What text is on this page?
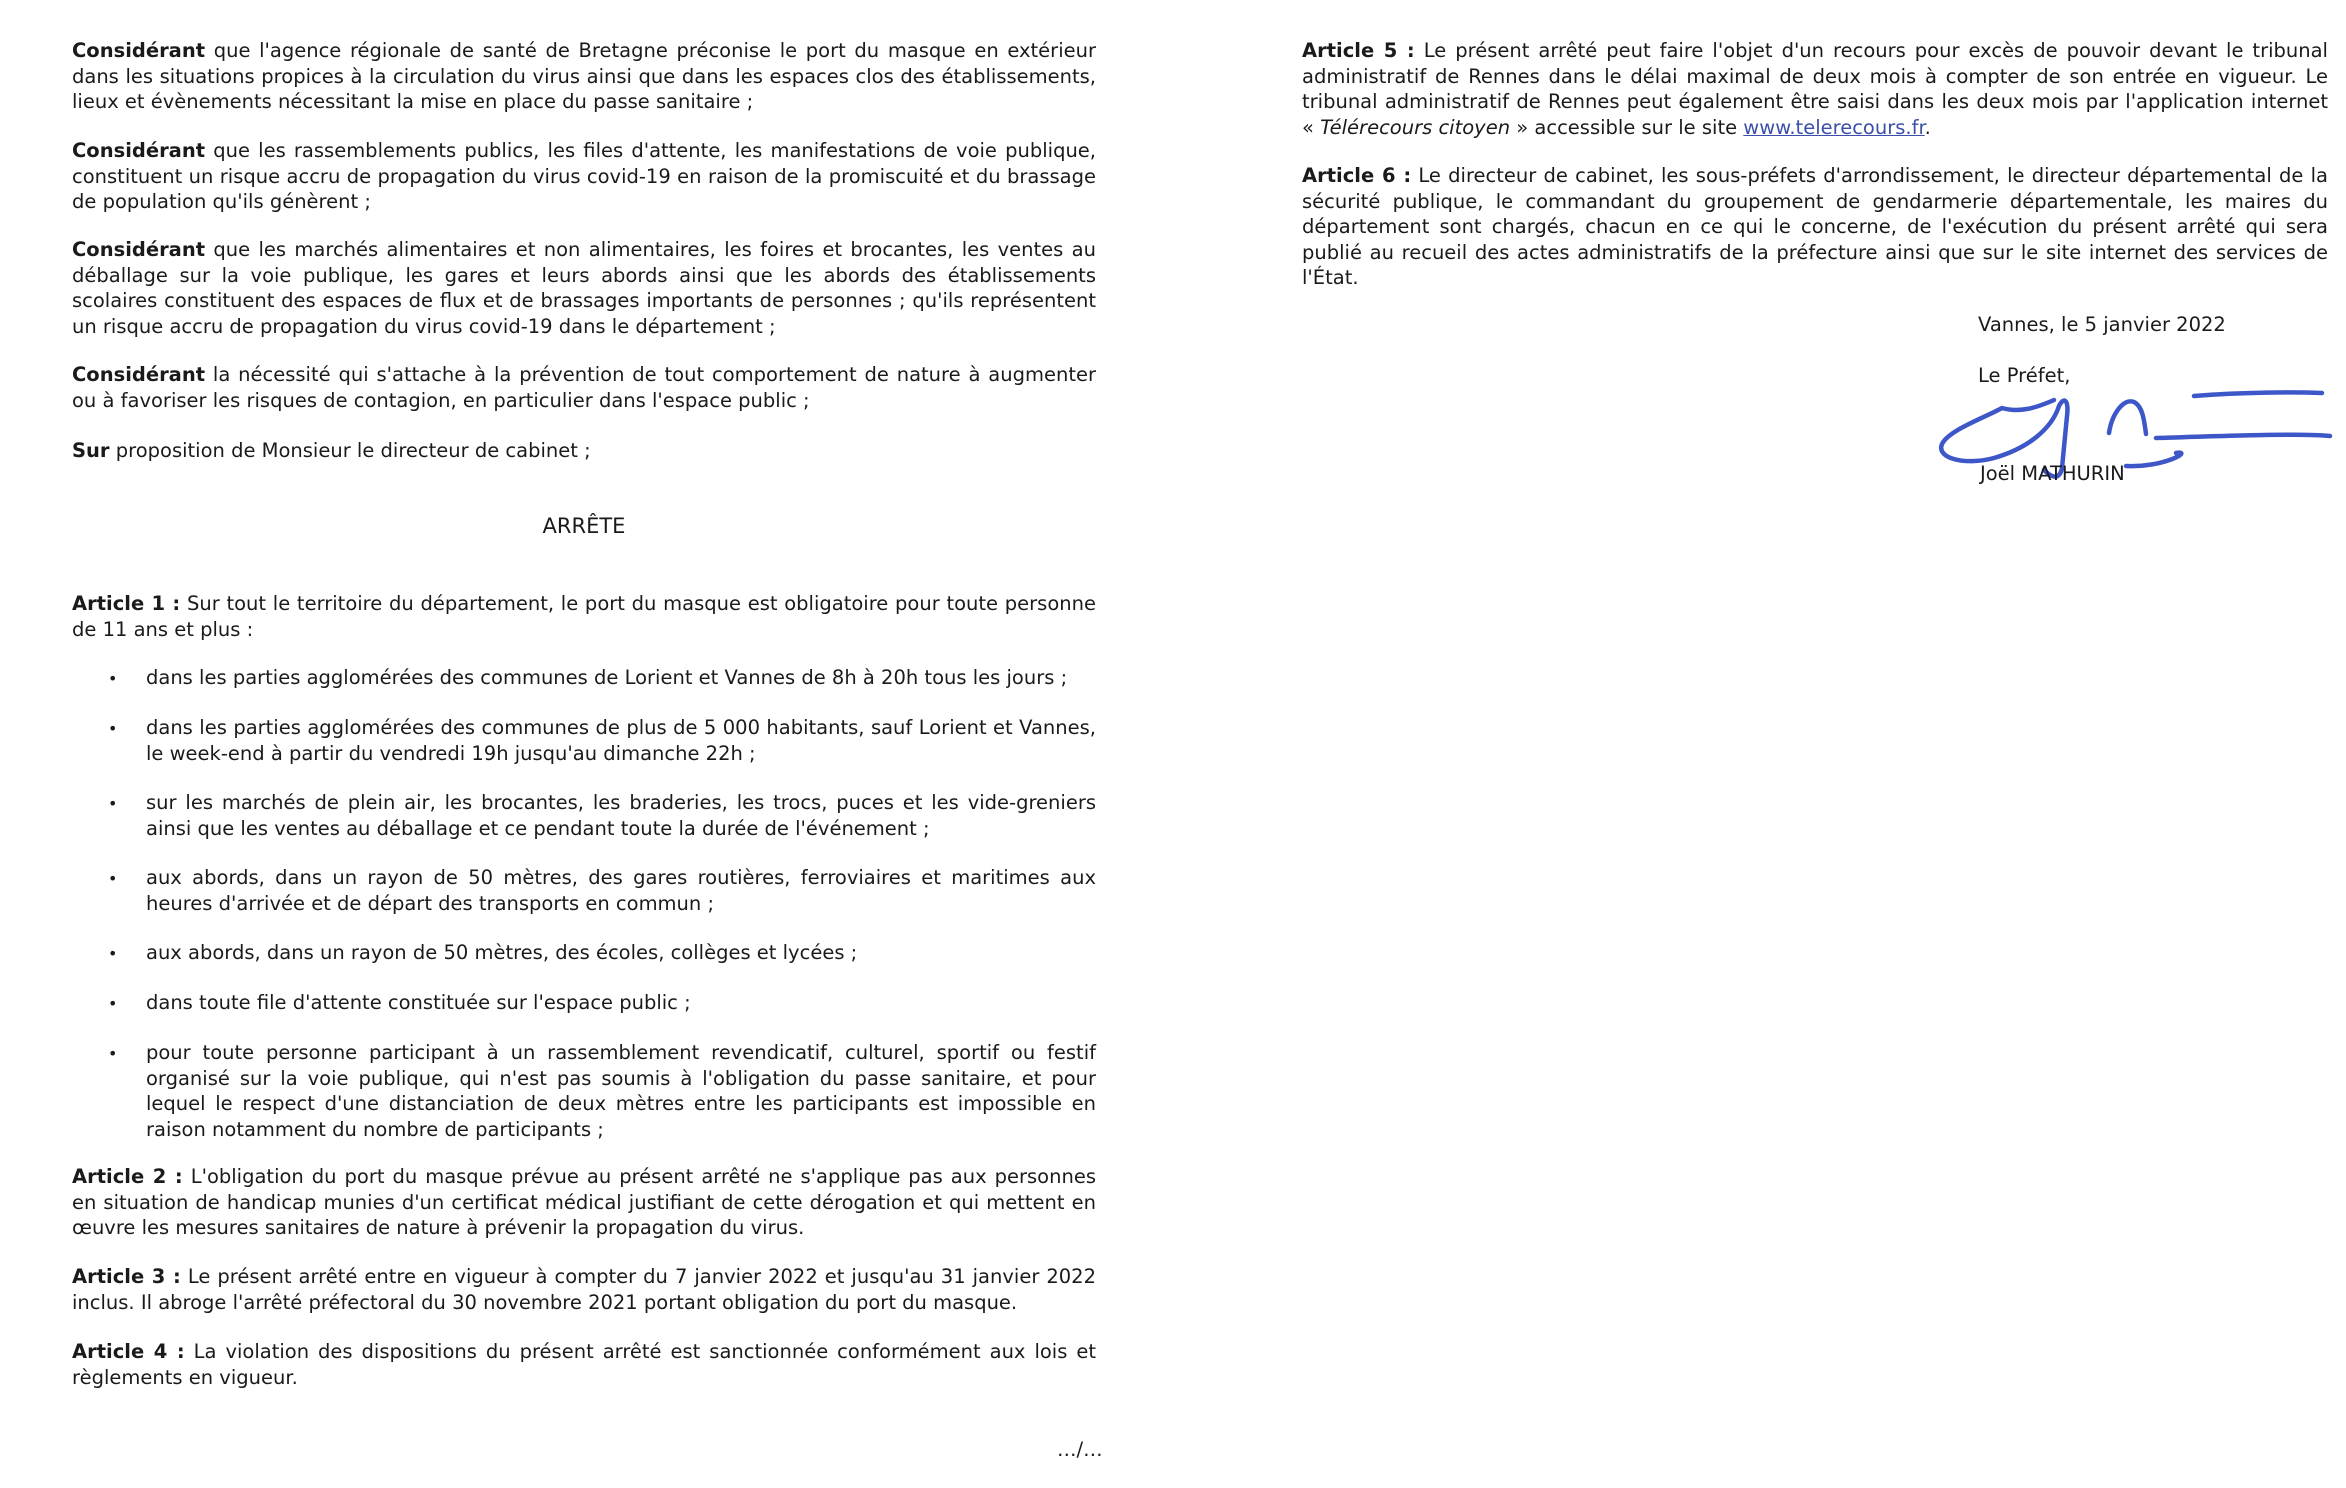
Considérant que l'agence régionale de santé de Bretagne préconise le port du masque en extérieur dans les situations propices à la circulation du virus ainsi que dans les espaces clos des établissements, lieux et évènements nécessitant la mise en place du passe sanitaire ;

Considérant que les rassemblements publics, les files d'attente, les manifestations de voie publique, constituent un risque accru de propagation du virus covid-19 en raison de la promiscuité et du brassage de population qu'ils génèrent ;

Considérant que les marchés alimentaires et non alimentaires, les foires et brocantes, les ventes au déballage sur la voie publique, les gares et leurs abords ainsi que les abords des établissements scolaires constituent des espaces de flux et de brassages importants de personnes ; qu'ils représentent un risque accru de propagation du virus covid-19 dans le département ;

Considérant la nécessité qui s'attache à la prévention de tout comportement de nature à augmenter ou à favoriser les risques de contagion, en particulier dans l'espace public ;

Sur proposition de Monsieur le directeur de cabinet ;

ARRÊTE

Article 1 : Sur tout le territoire du département, le port du masque est obligatoire pour toute personne de 11 ans et plus :

•
dans les parties agglomérées des communes de Lorient et Vannes de 8h à 20h tous les jours ;
•
dans les parties agglomérées des communes de plus de 5 000 habitants, sauf Lorient et Vannes, le week-end à partir du vendredi 19h jusqu'au dimanche 22h ;
•
sur les marchés de plein air, les brocantes, les braderies, les trocs, puces et les vide-greniers ainsi que les ventes au déballage et ce pendant toute la durée de l'événement ;
•
aux abords, dans un rayon de 50 mètres, des gares routières, ferroviaires et maritimes aux heures d'arrivée et de départ des transports en commun ;
•
aux abords, dans un rayon de 50 mètres, des écoles, collèges et lycées ;
•
dans toute file d'attente constituée sur l'espace public ;
•
pour toute personne participant à un rassemblement revendicatif, culturel, sportif ou festif organisé sur la voie publique, qui n'est pas soumis à l'obligation du passe sanitaire, et pour lequel le respect d'une distanciation de deux mètres entre les participants est impossible en raison notamment du nombre de participants ;

Article 2 : L'obligation du port du masque prévue au présent arrêté ne s'applique pas aux personnes en situation de handicap munies d'un certificat médical justifiant de cette dérogation et qui mettent en œuvre les mesures sanitaires de nature à prévenir la propagation du virus.

Article 3 : Le présent arrêté entre en vigueur à compter du 7 janvier 2022 et jusqu'au 31 janvier 2022 inclus. Il abroge l'arrêté préfectoral du 30 novembre 2021 portant obligation du port du masque.

Article 4 : La violation des dispositions du présent arrêté est sanctionnée conformément aux lois et règlements en vigueur.

…/…

Article 5 : Le présent arrêté peut faire l'objet d'un recours pour excès de pouvoir devant le tribunal administratif de Rennes dans le délai maximal de deux mois à compter de son entrée en vigueur. Le tribunal administratif de Rennes peut également être saisi dans les deux mois par l'application internet « Télérecours citoyen » accessible sur le site www.telerecours.fr.

Article 6 : Le directeur de cabinet, les sous-préfets d'arrondissement, le directeur départemental de la sécurité publique, le commandant du groupement de gendarmerie départementale, les maires du département sont chargés, chacun en ce qui le concerne, de l'exécution du présent arrêté qui sera publié au recueil des actes administratifs de la préfecture ainsi que sur le site internet des services de l'État.

Vannes, le 5 janvier 2022
Le Préfet,
Joël MATHURIN
